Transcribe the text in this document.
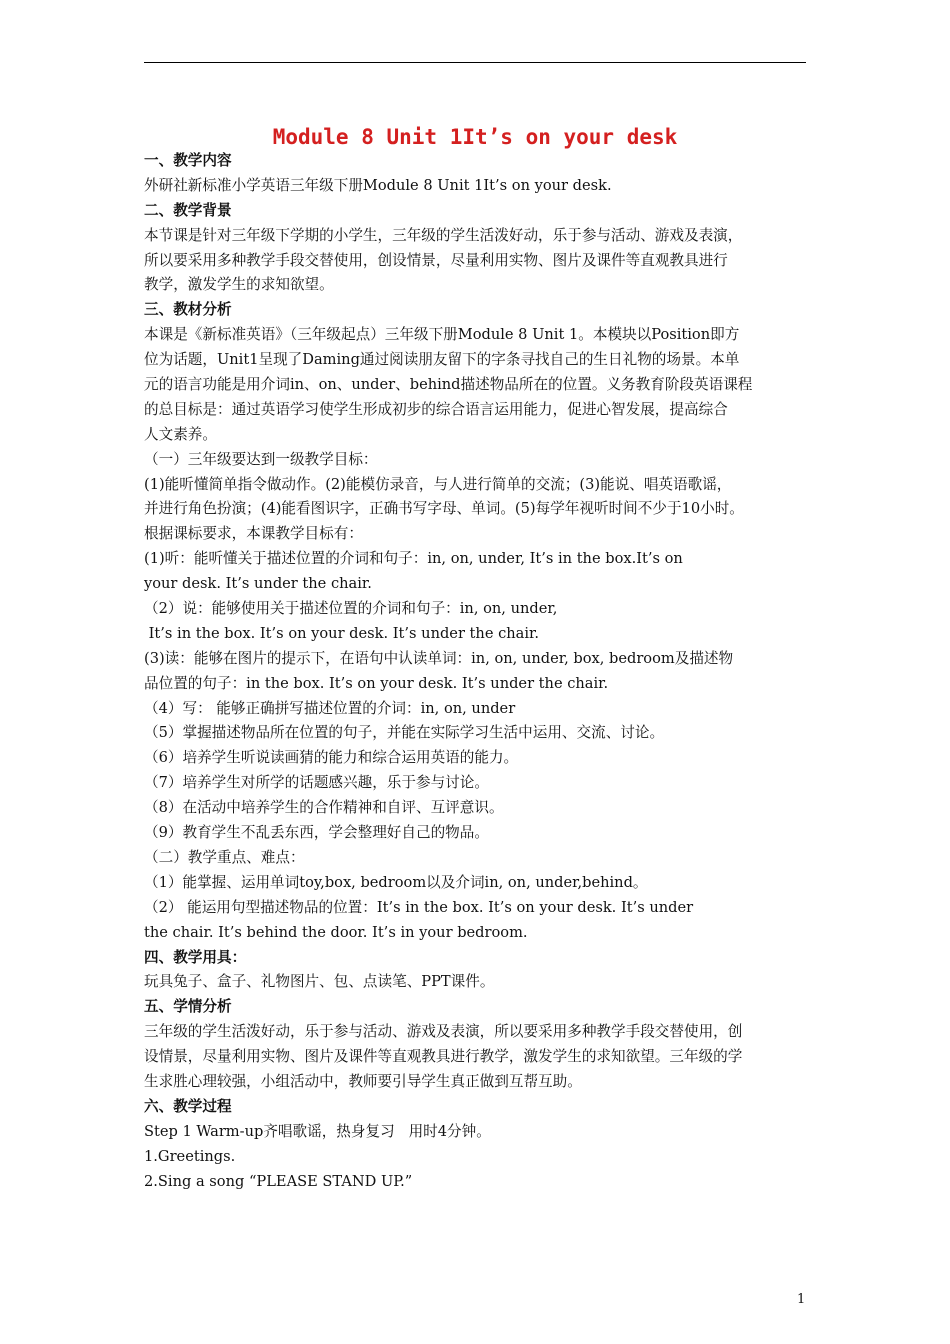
Module 8 Unit 1It’s on your desk
一、教学内容
外研社新标准小学英语三年级下册Module 8 Unit 1It’s on your desk.
二、教学背景
本节课是针对三年级下学期的小学生，三年级的学生活泼好动，乐于参与活动、游戏及表演，
所以要采用多种教学手段交替使用，创设情景，尽量利用实物、图片及课件等直观教具进行
教学，激发学生的求知欲望。
三、教材分析
本课是《新标准英语》（三年级起点）三年级下册Module 8 Unit 1。本模块以Position即方
位为话题，Unit1呈现了Daming通过阅读朋友留下的字条寻找自己的生日礼物的场景。本单
元的语言功能是用介词in、on、under、behind描述物品所在的位置。义务教育阶段英语课程
的总目标是：通过英语学习使学生形成初步的综合语言运用能力，促进心智发展，提高综合
人文素养。
（一）三年级要达到一级教学目标：
(1)能听懂简单指令做动作。(2)能模仿录音，与人进行简单的交流；(3)能说、唱英语歌谣，
并进行角色扮演；(4)能看图识字，正确书写字母、单词。(5)每学年视听时间不少于10小时。
根据课标要求，本课教学目标有：
(1)听：能听懂关于描述位置的介词和句子：in, on, under, It’s in the box.It’s on
your desk. It’s under the chair.
（2）说：能够使用关于描述位置的介词和句子：in, on, under,
It’s in the box. It’s on your desk. It’s under the chair.
(3)读：能够在图片的提示下，在语句中认读单词：in, on, under, box, bedroom及描述物
品位置的句子：in the box. It’s on your desk. It’s under the chair.
（4）写： 能够正确拼写描述位置的介词：in, on, under
（5）掌握描述物品所在位置的句子，并能在实际学习生活中运用、交流、讨论。
（6）培养学生听说读画猜的能力和综合运用英语的能力。
（7）培养学生对所学的话题感兴趣，乐于参与讨论。
（8）在活动中培养学生的合作精神和自评、互评意识。
（9）教育学生不乱丢东西，学会整理好自己的物品。
（二）教学重点、难点：
（1）能掌握、运用单词toy,box, bedroom以及介词in, on, under,behind。
（2） 能运用句型描述物品的位置：It’s in the box. It’s on your desk. It’s under
the chair. It’s behind the door. It’s in your bedroom.
四、教学用具：
玩具兔子、盒子、礼物图片、包、点读笔、PPT课件。
五、学情分析
三年级的学生活泼好动，乐于参与活动、游戏及表演，所以要采用多种教学手段交替使用，创
设情景，尽量利用实物、图片及课件等直观教具进行教学，激发学生的求知欲望。三年级的学
生求胜心理较强，小组活动中，教师要引导学生真正做到互帮互助。
六、教学过程
Step 1 Warm-up齐唱歌谣，热身复习   用时4分钟。
1.Greetings.
2.Sing a song “PLEASE STAND UP.”
1
